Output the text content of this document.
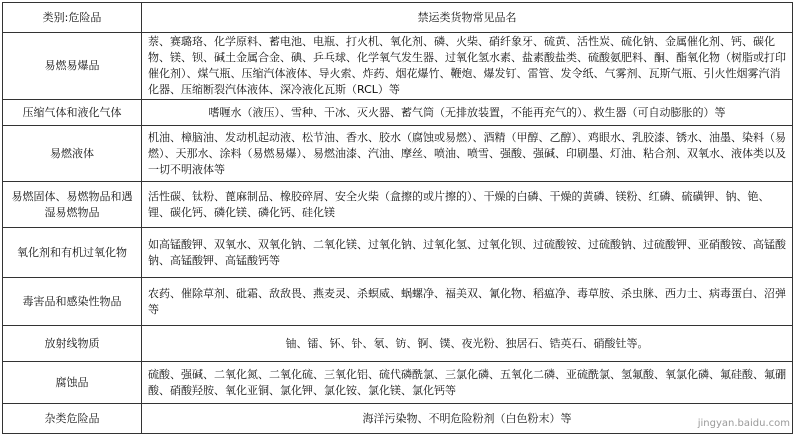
类别:危险品	禁运类货物常见品名
易燃易爆品	萘、赛璐珞、化学原料、蓄电池、电瓶、打火机、氧化剂、磷、火柴、硝纤象牙、硫黄、活性炭、硫化钠、金属催化剂、钙、碳化物、镁、钡、碱土金属合金、碘、乒乓球、化学氧气发生器、过氧化氢水素、盐素酸盐类、硫酸氨肥料、酮、酯氧化物（树脂或打印催化剂）、煤气瓶、压缩汽体液体、导火索、炸药、烟花爆竹、鞭炮、爆发钉、雷管、发令纸、气雾剂、瓦斯气瓶、引火性烟雾汽消化器、压缩断裂汽体液体、深冷液化瓦斯（RCL）等
压缩气体和液化气体	嗜喱水（液压）、雪种、干冰、灭火器、蓄气筒（无排放装置，不能再充气的）、救生器（可自动膨胀的）等
易燃液体	机油、樟脑油、发动机起动液、松节油、香水、胶水（腐蚀或易燃）、酒精（甲醇、乙醇）、鸡眼水、乳胶漆、锈水、油墨、染料（易燃）、天那水、涂料（易燃易爆）、易燃油漆、汽油、摩丝、喷油、喷雪、强酸、强碱、印刷墨、灯油、粘合剂、双氧水、液体类以及一切不明液体等
易燃固体、易燃物品和遇湿易燃物品	活性碳、钛粉、蓖麻制品、橡胶碎屑、安全火柴（盒擦的或片擦的）、干燥的白磷、干燥的黄磷、镁粉、红磷、硫磺钾、钠、铯、锂、碳化钙、磷化镁、磷化钙、硅化镁
氧化剂和有机过氧化物	如高锰酸钾、双氧水、双氧化钠、二氧化镁、过氧化钠、过氧化氢、过氧化钡、过硫酸铵、过硫酸钠、过硫酸钾、亚硝酸铵、高锰酸钠、高锰酸钾、高锰酸钙等
毒害品和感染性物品	农药、催除草剂、砒霜、敌敌畏、燕麦灵、杀螟威、蜗螺净、福美双、氰化物、稻瘟净、毒草胺、杀虫脒、西力士、病毒蛋白、沼弹等
放射线物质	铀、镭、钚、钋、氡、钫、锕、镤、夜光粉、独居石、锆英石、硝酸钍等。
腐蚀品	硫酸、强碱、二氧化氮、二氧化硫、三氧化铝、硫代磷酰氯、三氯化磷、五氧化二磷、亚硫酰氯、氢氟酸、氧氯化磷、氟硅酸、氟硼酸、硝酸羟胺、氧化亚铜、氯化钾、氯化铵、氯化镁、氯化钙等
杂类危险品	海洋污染物、不明危险粉剂（白色粉末）等	jingyan.baidu.com
